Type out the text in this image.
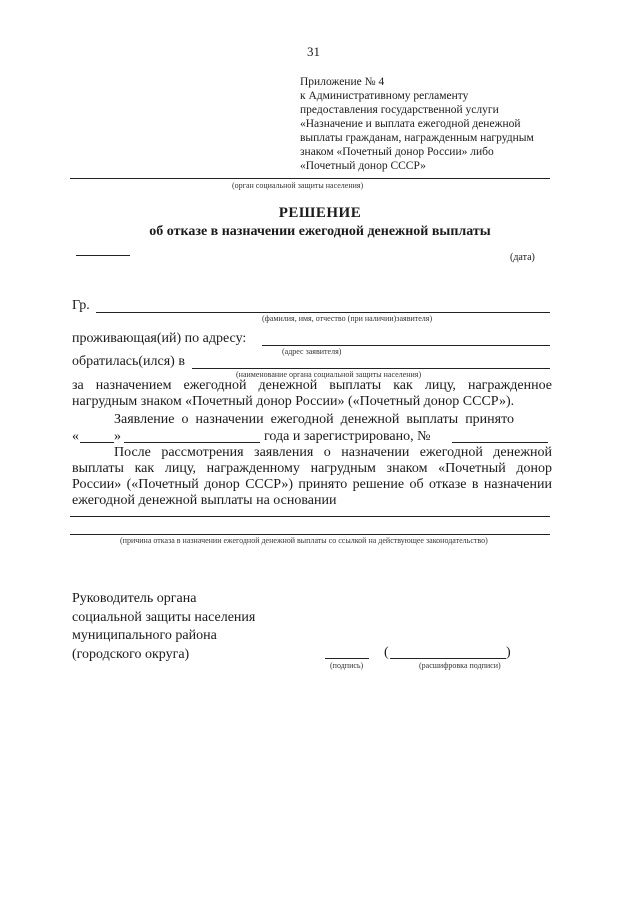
31
Приложение № 4
к Административному регламенту
предоставления государственной услуги
«Назначение и выплата ежегодной денежной
выплаты гражданам, награжденным нагрудным
знаком «Почетный донор России» либо
«Почетный донор СССР»
(орган социальной защиты населения)
РЕШЕНИЕ
об отказе в назначении ежегодной денежной выплаты
(дата)
Гр.
(фамилия, имя, отчество (при наличии)заявителя)
проживающая(ий) по адресу:
(адрес заявителя)
обратилась(ился) в
(наименование органа социальной защиты населения)
за назначением ежегодной денежной выплаты как лицу, награжденное нагрудным знаком «Почетный донор России» («Почетный донор СССР»).
Заявление  о  назначении  ежегодной  денежной  выплаты  принято
«	»	года и зарегистрировано, №
После рассмотрения заявления о назначении ежегодной денежной выплаты как лицу, награжденному нагрудным знаком «Почетный донор России» («Почетный донор СССР») принято решение об отказе в назначении ежегодной денежной выплаты на основании
(причина отказа в назначении ежегодной денежной выплаты со ссылкой на действующее законодательство)
Руководитель органа
социальной защиты населения
муниципального района
(городского округа)
(подпись)
(	)
(расшифровка подписи)
